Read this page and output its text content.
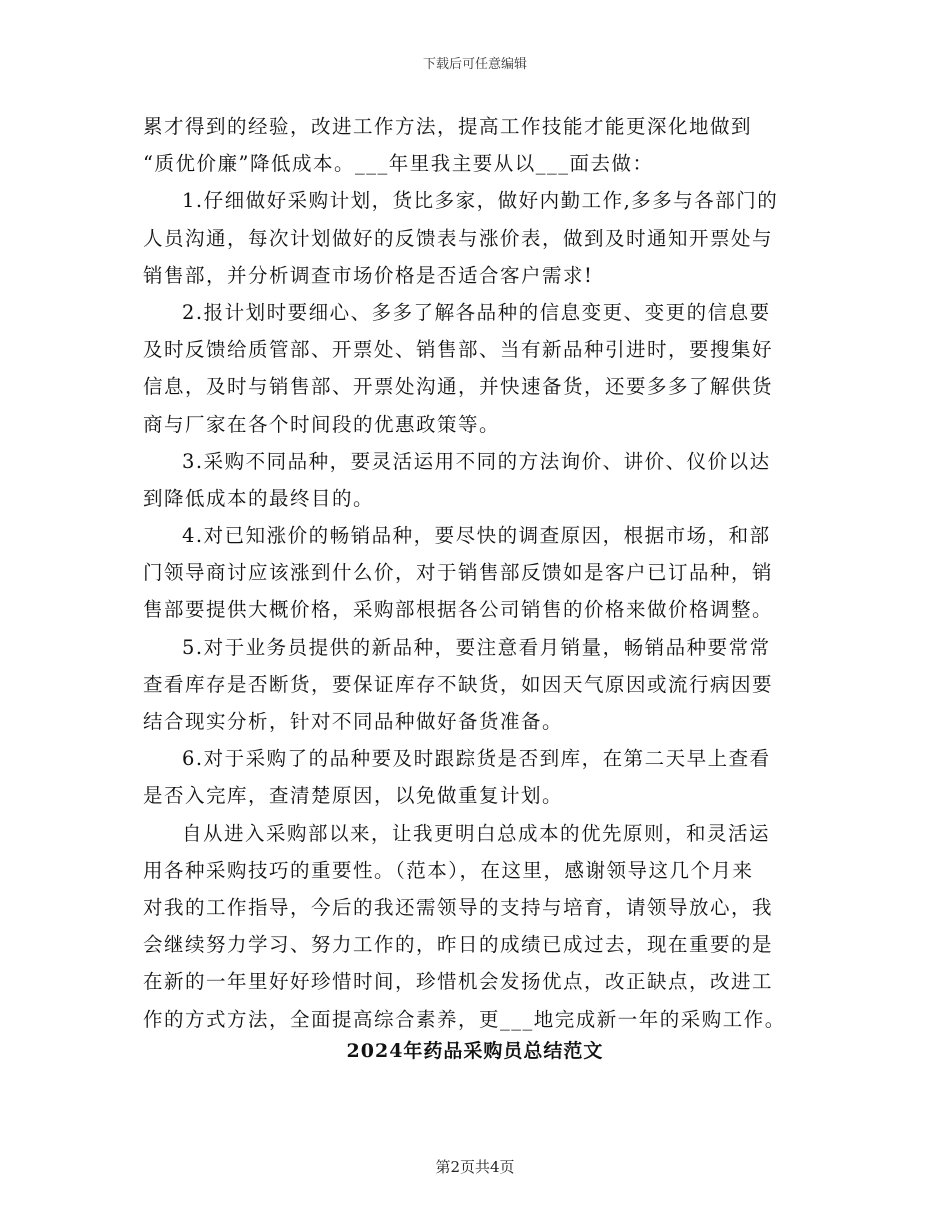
下载后可任意编辑
累才得到的经验，改进工作方法，提高工作技能才能更深化地做到
“质优价廉”降低成本。___年里我主要从以___面去做：
1.仔细做好采购计划，货比多家，做好内勤工作,多多与各部门的
人员沟通，每次计划做好的反馈表与涨价表，做到及时通知开票处与
销售部，并分析调查市场价格是否适合客户需求!
2.报计划时要细心、多多了解各品种的信息变更、变更的信息要
及时反馈给质管部、开票处、销售部、当有新品种引进时，要搜集好
信息，及时与销售部、开票处沟通，并快速备货，还要多多了解供货
商与厂家在各个时间段的优惠政策等。
3.采购不同品种，要灵活运用不同的方法询价、讲价、仪价以达
到降低成本的最终目的。
4.对已知涨价的畅销品种，要尽快的调查原因，根据市场，和部
门领导商讨应该涨到什么价，对于销售部反馈如是客户已订品种，销
售部要提供大概价格，采购部根据各公司销售的价格来做价格调整。
5.对于业务员提供的新品种，要注意看月销量，畅销品种要常常
查看库存是否断货，要保证库存不缺货，如因天气原因或流行病因要
结合现实分析，针对不同品种做好备货准备。
6.对于采购了的品种要及时跟踪货是否到库，在第二天早上查看
是否入完库，查清楚原因，以免做重复计划。
自从进入采购部以来，让我更明白总成本的优先原则，和灵活运
用各种采购技巧的重要性。（范本），在这里，感谢领导这几个月来
对我的工作指导，今后的我还需领导的支持与培育，请领导放心，我
会继续努力学习、努力工作的，昨日的成绩已成过去，现在重要的是
在新的一年里好好珍惜时间，珍惜机会发扬优点，改正缺点，改进工
作的方式方法，全面提高综合素养，更___地完成新一年的采购工作。
2024年药品采购员总结范文
第2页共4页
